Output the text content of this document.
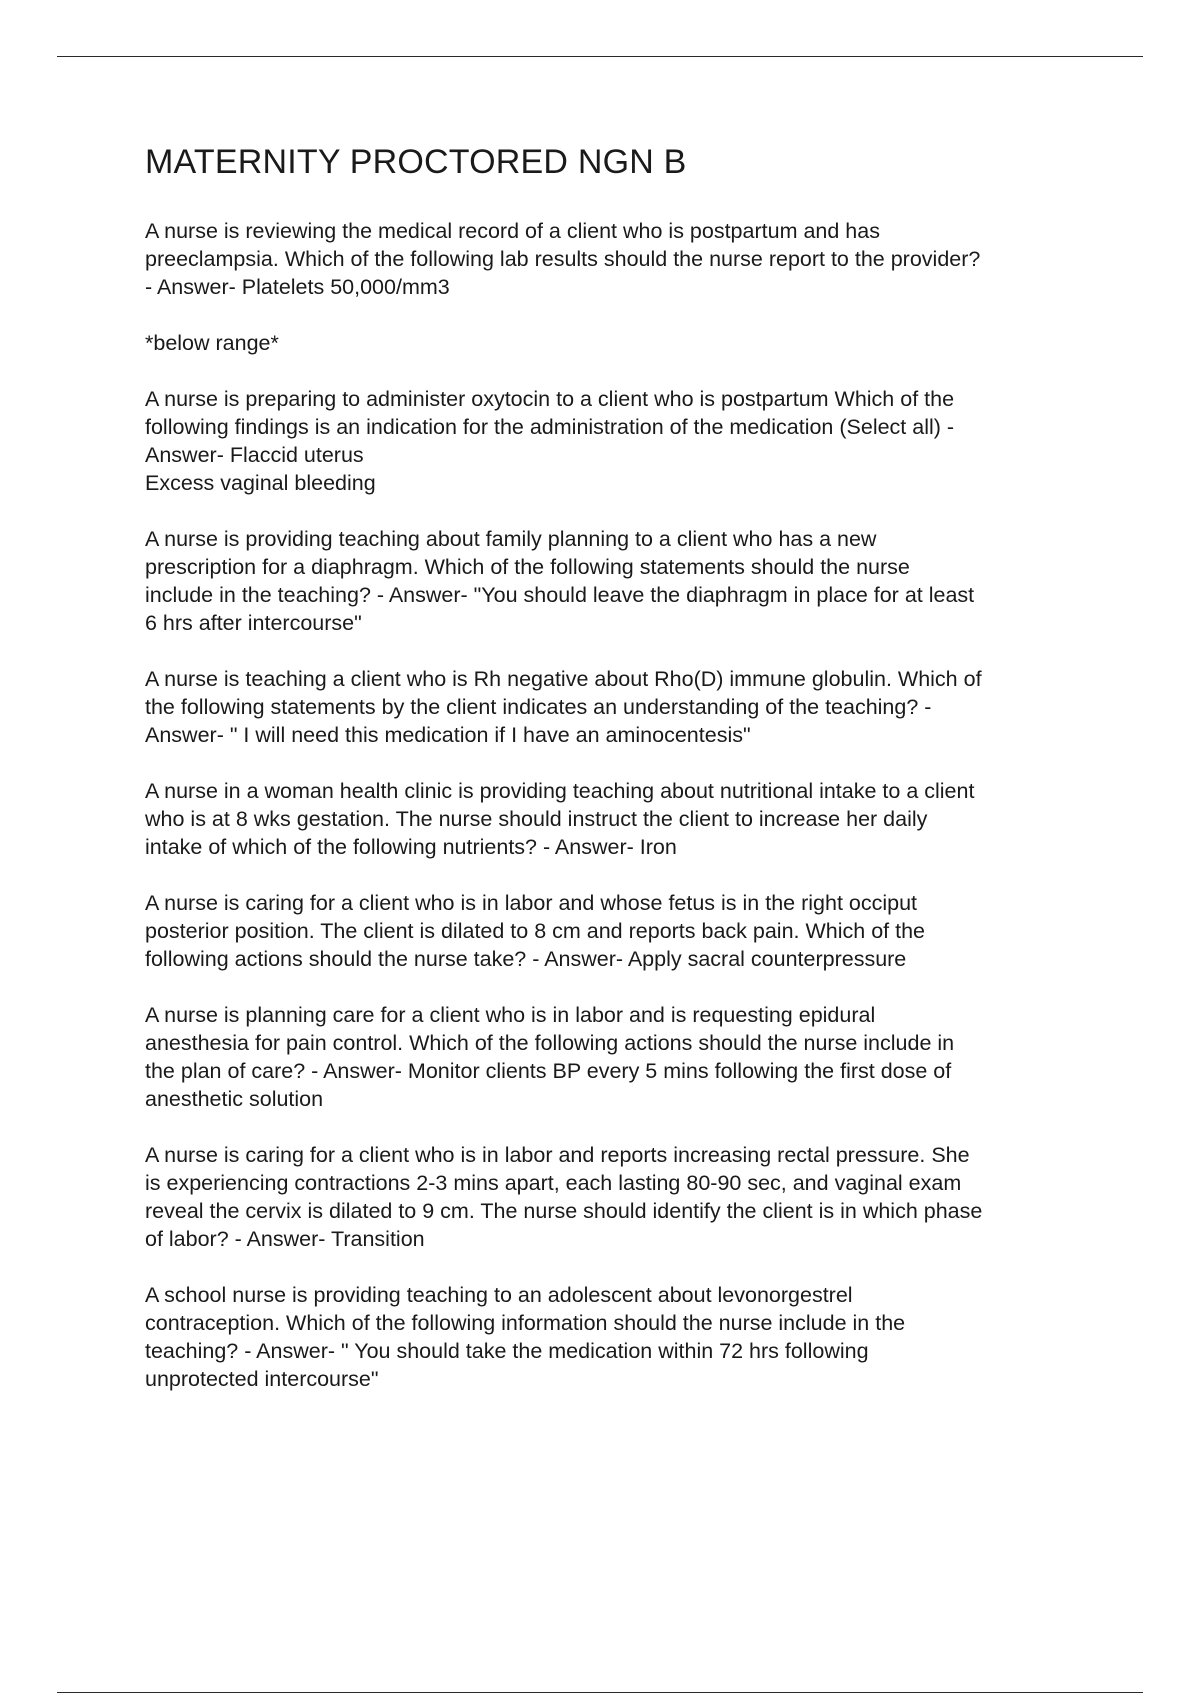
MATERNITY PROCTORED NGN B

A nurse is reviewing the medical record of a client who is postpartum and has
preeclampsia. Which of the following lab results should the nurse report to the provider?
- Answer- Platelets 50,000/mm3

*below range*

A nurse is preparing to administer oxytocin to a client who is postpartum Which of the
following findings is an indication for the administration of the medication (Select all) -
Answer- Flaccid uterus
Excess vaginal bleeding

A nurse is providing teaching about family planning to a client who has a new
prescription for a diaphragm. Which of the following statements should the nurse
include in the teaching? - Answer- "You should leave the diaphragm in place for at least
6 hrs after intercourse"

A nurse is teaching a client who is Rh negative about Rho(D) immune globulin. Which of
the following statements by the client indicates an understanding of the teaching? -
Answer- " I will need this medication if I have an aminocentesis"

A nurse in a woman health clinic is providing teaching about nutritional intake to a client
who is at 8 wks gestation. The nurse should instruct the client to increase her daily
intake of which of the following nutrients? - Answer- Iron

A nurse is caring for a client who is in labor and whose fetus is in the right occiput
posterior position. The client is dilated to 8 cm and reports back pain. Which of the
following actions should the nurse take? - Answer- Apply sacral counterpressure

A nurse is planning care for a client who is in labor and is requesting epidural
anesthesia for pain control. Which of the following actions should the nurse include in
the plan of care? - Answer- Monitor clients BP every 5 mins following the first dose of
anesthetic solution

A nurse is caring for a client who is in labor and reports increasing rectal pressure. She
is experiencing contractions 2-3 mins apart, each lasting 80-90 sec, and vaginal exam
reveal the cervix is dilated to 9 cm. The nurse should identify the client is in which phase
of labor? - Answer- Transition

A school nurse is providing teaching to an adolescent about levonorgestrel
contraception. Which of the following information should the nurse include in the
teaching? - Answer- " You should take the medication within 72 hrs following
unprotected intercourse"
